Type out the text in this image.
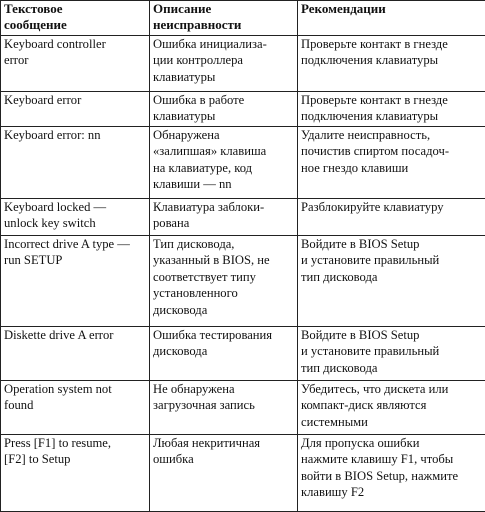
Текстовое
сообщение	Описание
неисправности	Рекомендации

Keyboard controller
error	Ошибка инициализа-
ции контроллера
клавиатуры	Проверьте контакт в гнезде
подключения клавиатуры

Keyboard error	Ошибка в работе
клавиатуры	Проверьте контакт в гнезде
подключения клавиатуры

Keyboard error: nn	Обнаружена
«залипшая» клавиша
на клавиатуре, код
клавиши — nn	Удалите неисправность,
почистив спиртом посадоч-
ное гнездо клавиши

Keyboard locked —
unlock key switch	Клавиатура заблоки-
рована	Разблокируйте клавиатуру

Incorrect drive A type —
run SETUP	Тип дисковода,
указанный в BIOS, не
соответствует типу
установленного
дисковода	Войдите в BIOS Setup
и установите правильный
тип дисковода

Diskette drive A error	Ошибка тестирования
дисковода	Войдите в BIOS Setup
и установите правильный
тип дисковода

Operation system not
found	Не обнаружена
загрузочная запись	Убедитесь, что дискета или
компакт-диск являются
системными

Press [F1] to resume,
[F2] to Setup	Любая некритичная
ошибка	Для пропуска ошибки
нажмите клавишу F1, чтобы
войти в BIOS Setup, нажмите
клавишу F2
